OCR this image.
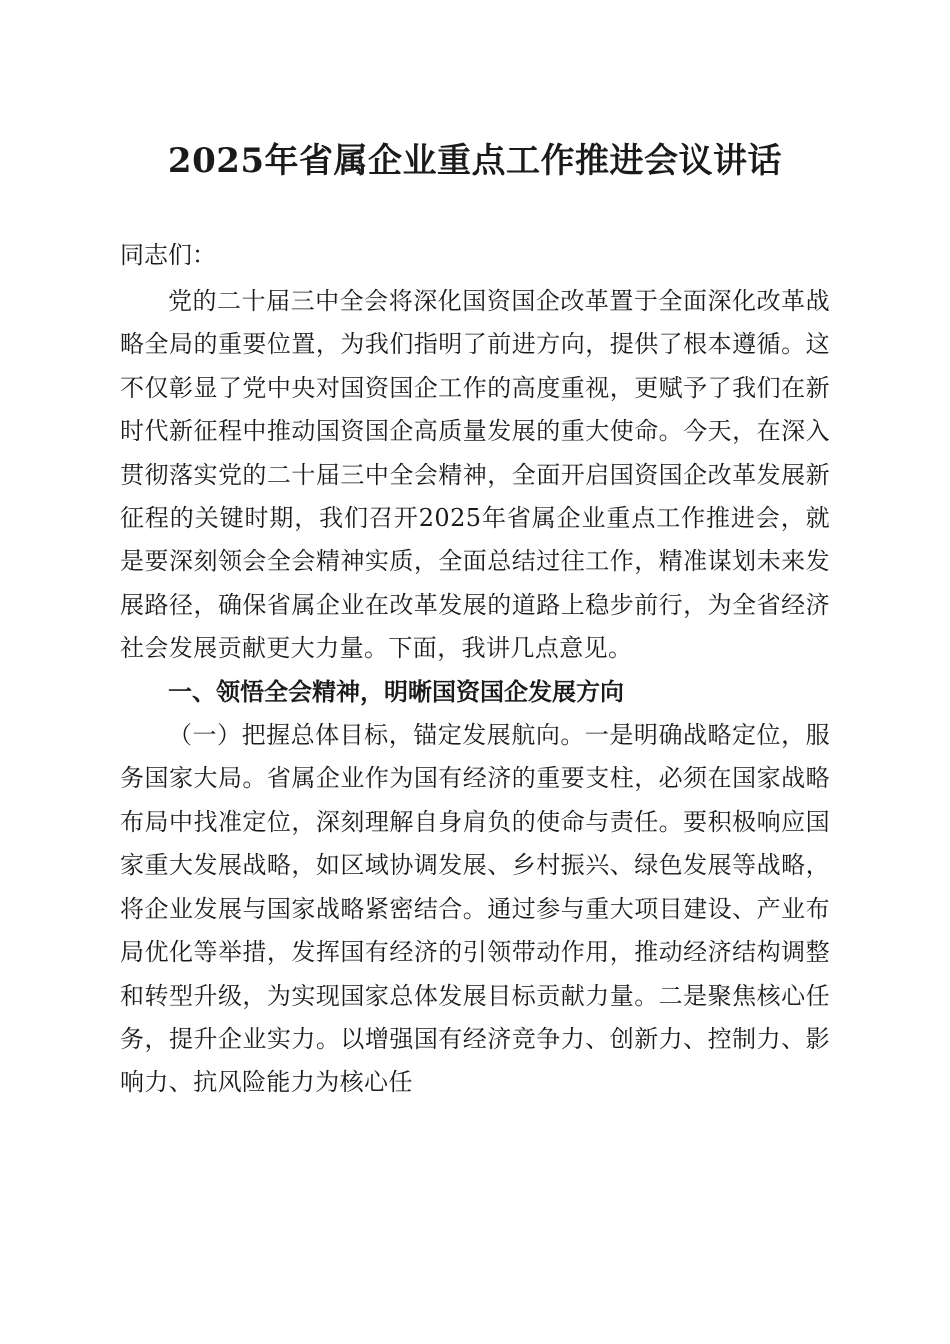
2025年省属企业重点工作推进会议讲话

同志们：

党的二十届三中全会将深化国资国企改革置于全面深化改革战略全局的重要位置，为我们指明了前进方向，提供了根本遵循。这不仅彰显了党中央对国资国企工作的高度重视，更赋予了我们在新时代新征程中推动国资国企高质量发展的重大使命。今天，在深入贯彻落实党的二十届三中全会精神，全面开启国资国企改革发展新征程的关键时期，我们召开2025年省属企业重点工作推进会，就是要深刻领会全会精神实质，全面总结过往工作，精准谋划未来发展路径，确保省属企业在改革发展的道路上稳步前行，为全省经济社会发展贡献更大力量。下面，我讲几点意见。

一、领悟全会精神，明晰国资国企发展方向

（一）把握总体目标，锚定发展航向。一是明确战略定位，服务国家大局。省属企业作为国有经济的重要支柱，必须在国家战略布局中找准定位，深刻理解自身肩负的使命与责任。要积极响应国家重大发展战略，如区域协调发展、乡村振兴、绿色发展等战略，将企业发展与国家战略紧密结合。通过参与重大项目建设、产业布局优化等举措，发挥国有经济的引领带动作用，推动经济结构调整和转型升级，为实现国家总体发展目标贡献力量。二是聚焦核心任务，提升企业实力。以增强国有经济竞争力、创新力、控制力、影响力、抗风险能力为核心任
